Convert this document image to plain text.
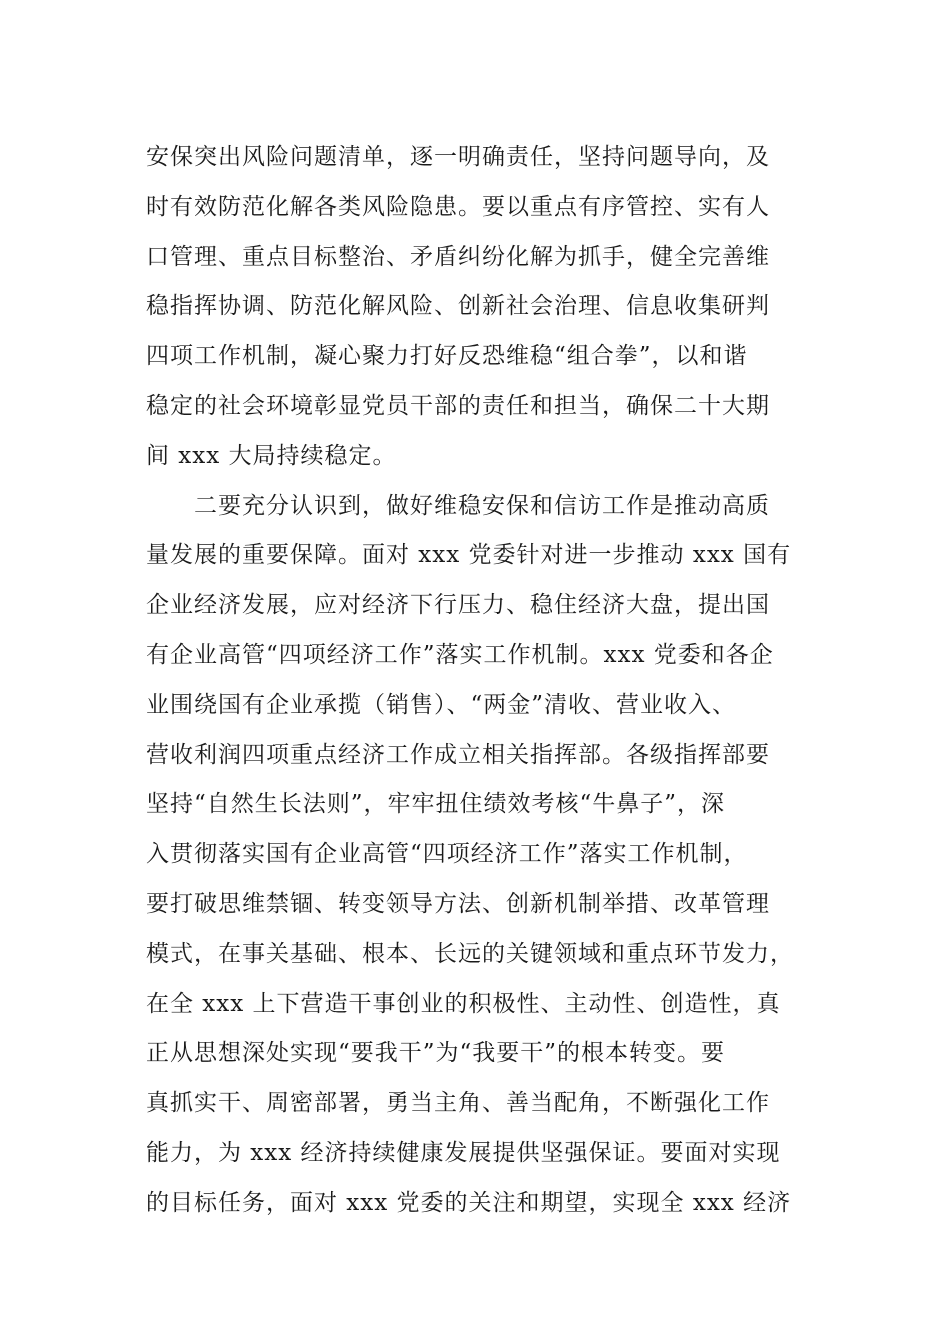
安保突出风险问题清单，逐一明确责任，坚持问题导向，及
时有效防范化解各类风险隐患。要以重点有序管控、实有人
口管理、重点目标整治、矛盾纠纷化解为抓手，健全完善维
稳指挥协调、防范化解风险、创新社会治理、信息收集研判
四项工作机制，凝心聚力打好反恐维稳“组合拳”，以和谐
稳定的社会环境彰显党员干部的责任和担当，确保二十大期
间 xxx 大局持续稳定。
二要充分认识到，做好维稳安保和信访工作是推动高质
量发展的重要保障。面对 xxx 党委针对进一步推动 xxx 国有
企业经济发展，应对经济下行压力、稳住经济大盘，提出国
有企业高管“四项经济工作”落实工作机制。xxx 党委和各企
业围绕国有企业承揽（销售）、“两金”清收、营业收入、
营收利润四项重点经济工作成立相关指挥部。各级指挥部要
坚持“自然生长法则”，牢牢扭住绩效考核“牛鼻子”，深
入贯彻落实国有企业高管“四项经济工作”落实工作机制，
要打破思维禁锢、转变领导方法、创新机制举措、改革管理
模式，在事关基础、根本、长远的关键领域和重点环节发力，
在全 xxx 上下营造干事创业的积极性、主动性、创造性，真
正从思想深处实现“要我干”为“我要干”的根本转变。要
真抓实干、周密部署，勇当主角、善当配角，不断强化工作
能力，为 xxx 经济持续健康发展提供坚强保证。要面对实现
的目标任务，面对 xxx 党委的关注和期望，实现全 xxx 经济
